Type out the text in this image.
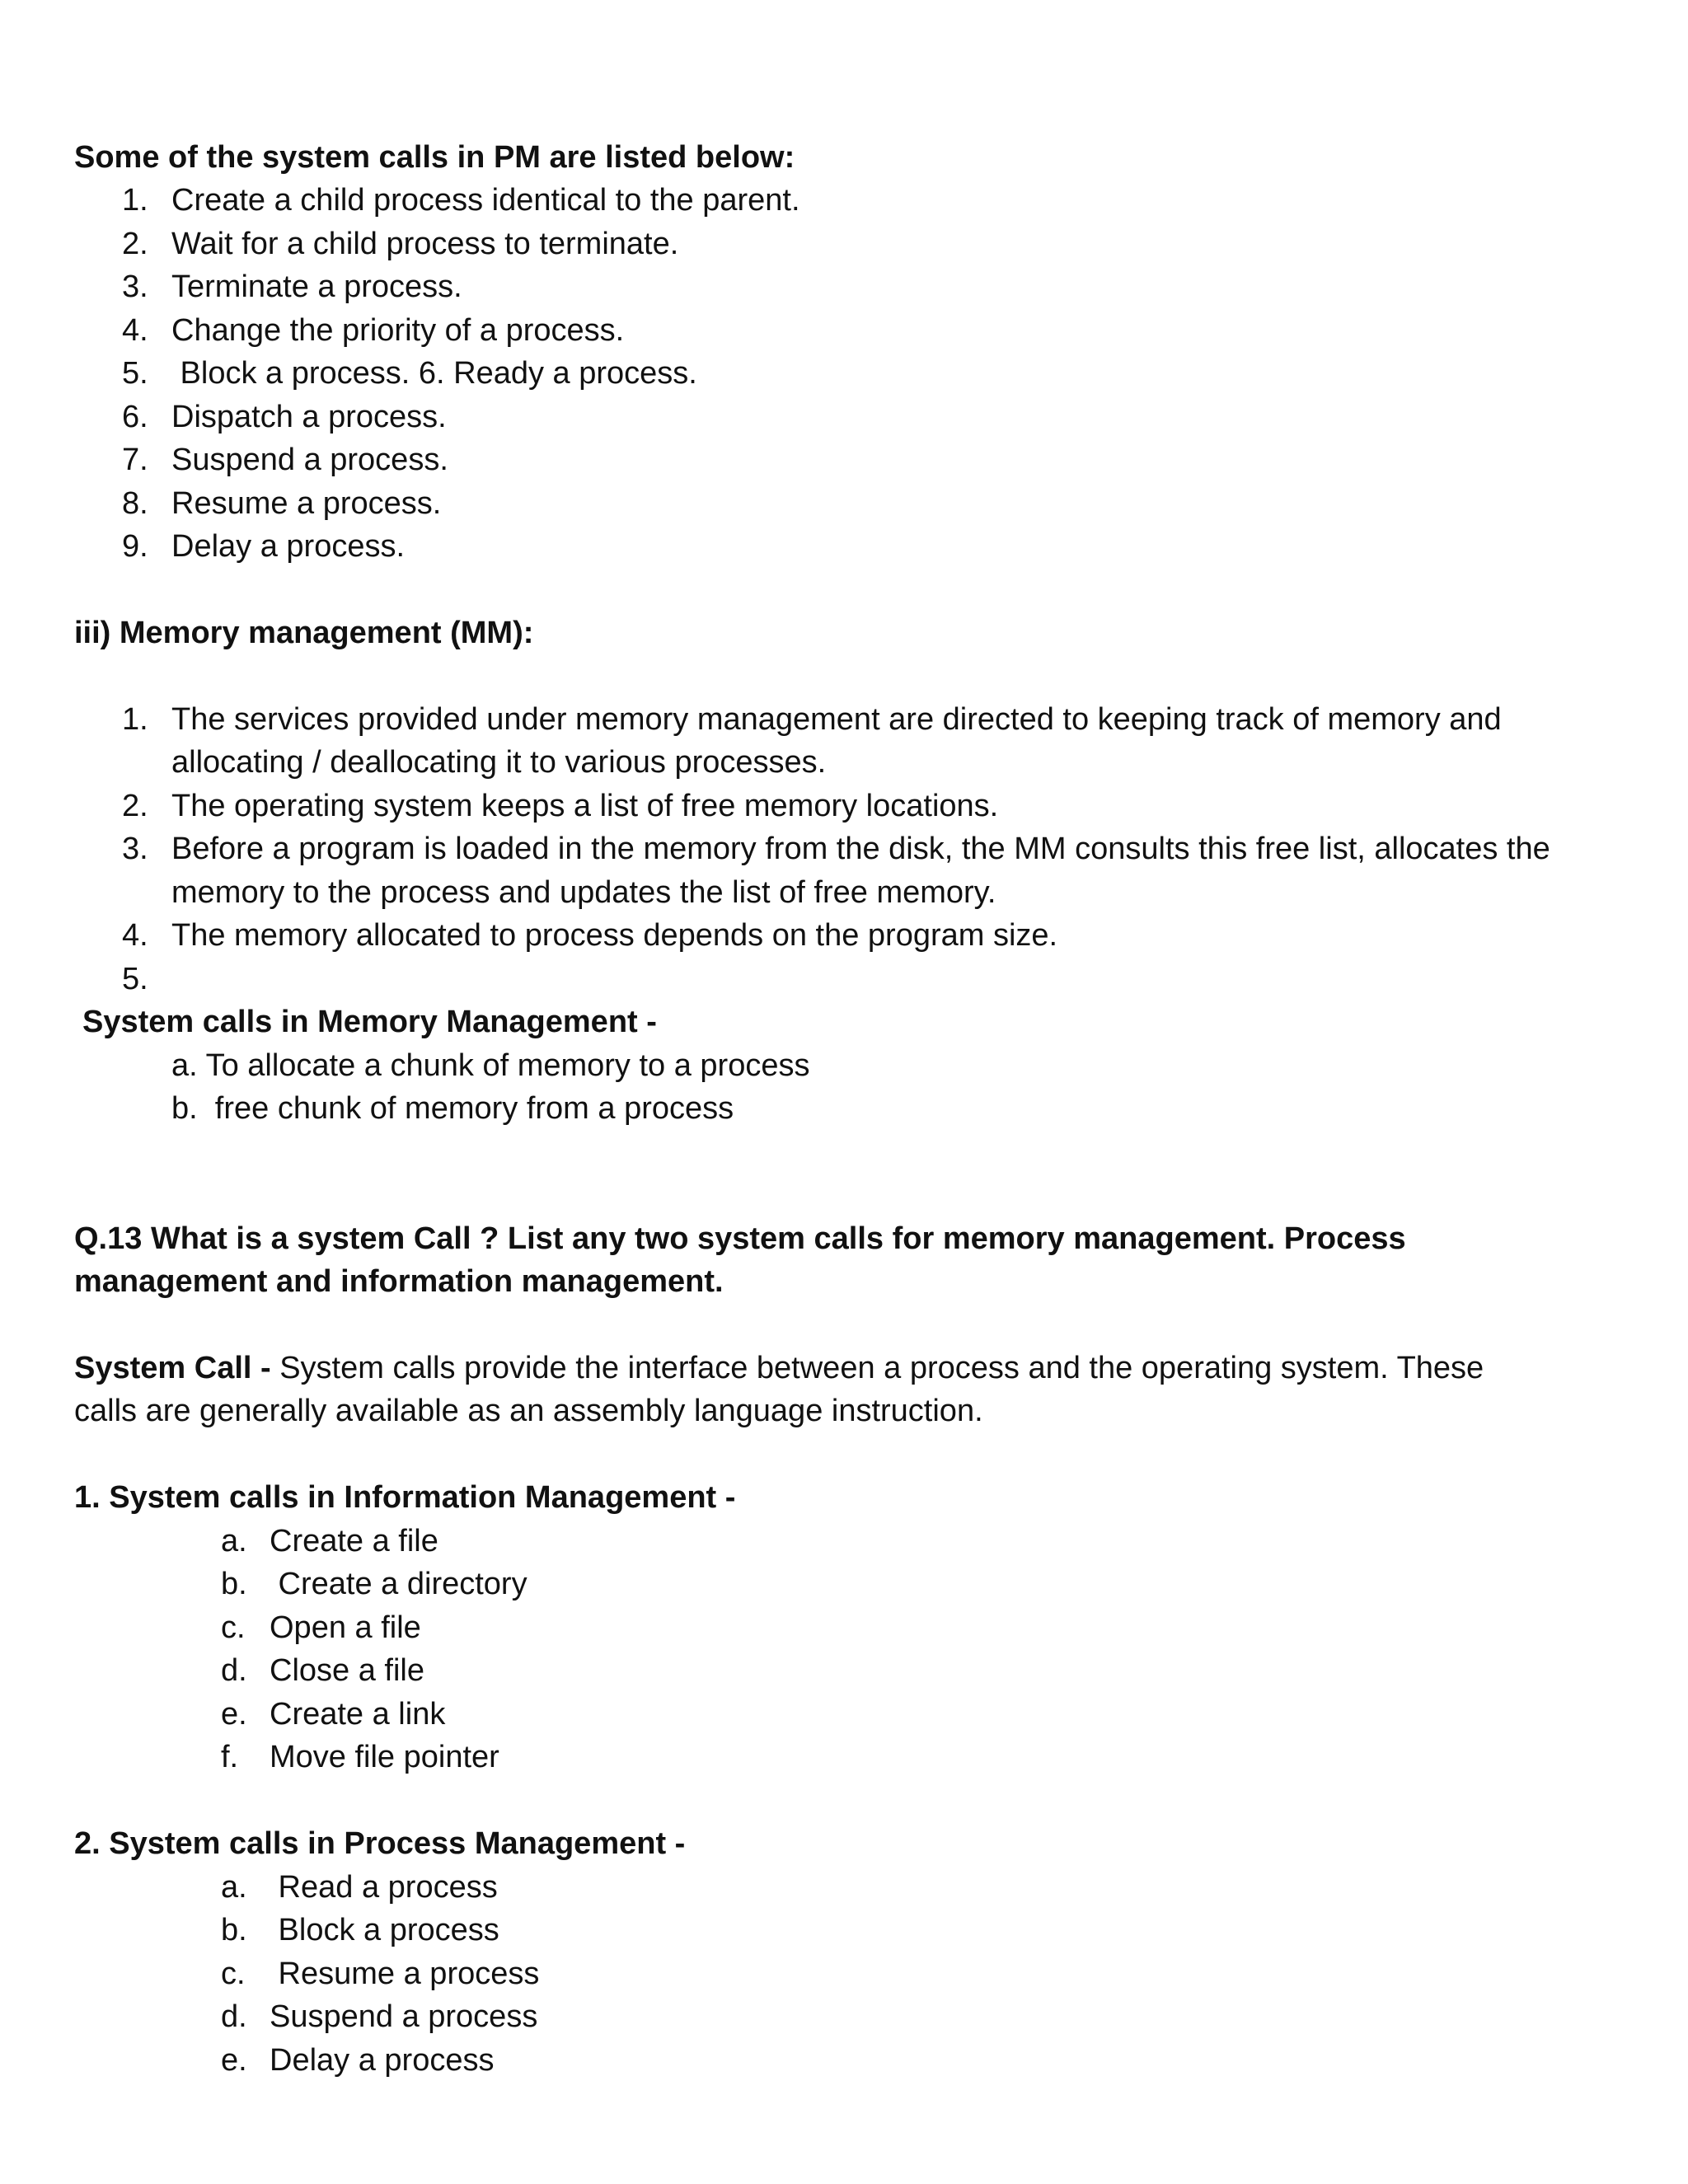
Some of the system calls in PM are listed below:

1. Create a child process identical to the parent.
2. Wait for a child process to terminate.
3. Terminate a process.
4. Change the priority of a process.
5. Block a process. 6. Ready a process.
6. Dispatch a process.
7. Suspend a process.
8. Resume a process.
9. Delay a process.

iii) Memory management (MM):

1. The services provided under memory management are directed to keeping track of memory and
allocating / deallocating it to various processes.
2. The operating system keeps a list of free memory locations.
3. Before a program is loaded in the memory from the disk, the MM consults this free list, allocates the
memory to the process and updates the list of free memory.
4. The memory allocated to process depends on the program size.
5.

System calls in Memory Management -

a. To allocate a chunk of memory to a process

b.  free chunk of memory from a process

Q.13 What is a system Call ? List any two system calls for memory management. Process

management and information management.

System Call - System calls provide the interface between a process and the operating system. These

calls are generally available as an assembly language instruction.

1. System calls in Information Management -

a. Create a file
b. Create a directory
c. Open a file
d. Close a file
e. Create a link
f. Move file pointer

2. System calls in Process Management -

a. Read a process
b. Block a process
c. Resume a process
d. Suspend a process
e. Delay a process
